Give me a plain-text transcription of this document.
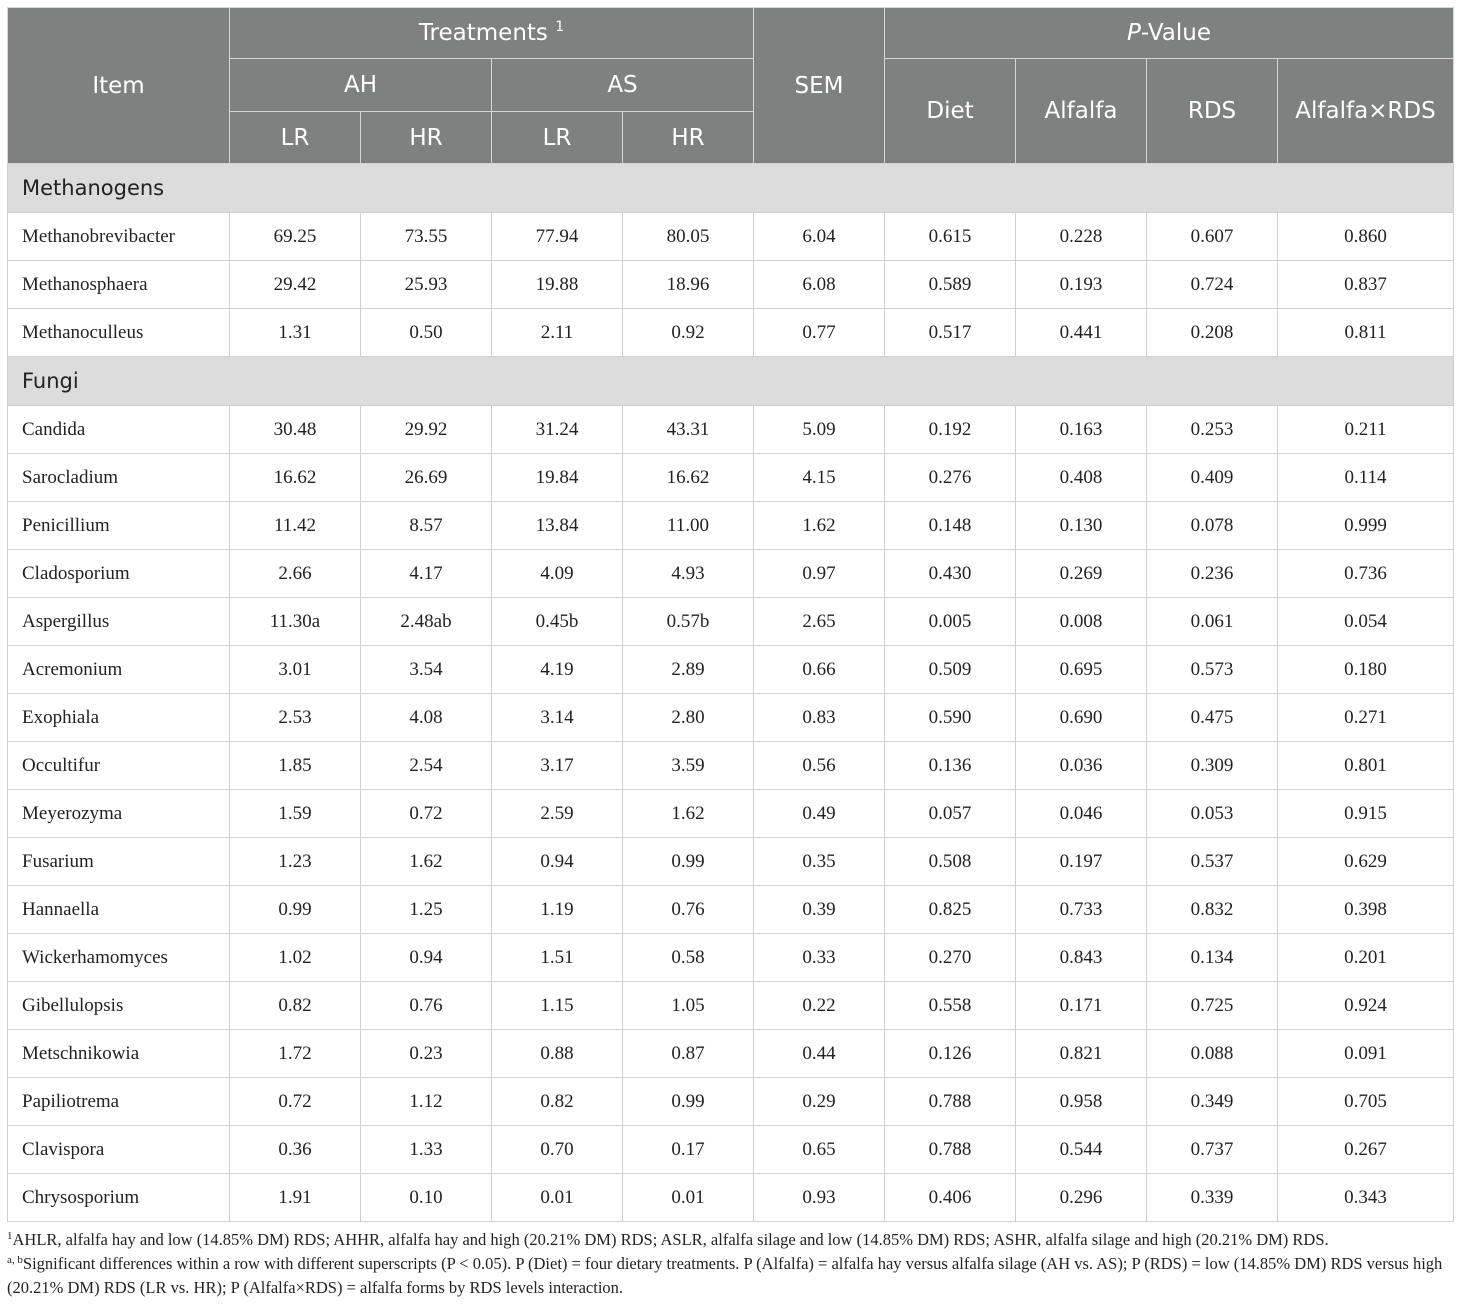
Item	Treatments $^1$				SEM	P-Value			
	AH		AS			Diet	Alfalfa	RDS	Alfalfa×RDS
	LR	HR	LR	HR					
Methanogens									
Methanobrevibacter	69.25	73.55	77.94	80.05	6.04	0.615	0.228	0.607	0.860
Methanosphaera	29.42	25.93	19.88	18.96	6.08	0.589	0.193	0.724	0.837
Methanoculleus	1.31	0.50	2.11	0.92	0.77	0.517	0.441	0.208	0.811
Fungi									
Candida	30.48	29.92	31.24	43.31	5.09	0.192	0.163	0.253	0.211
Sarocladium	16.62	26.69	19.84	16.62	4.15	0.276	0.408	0.409	0.114
Penicillium	11.42	8.57	13.84	11.00	1.62	0.148	0.130	0.078	0.999
Cladosporium	2.66	4.17	4.09	4.93	0.97	0.430	0.269	0.236	0.736
Aspergillus	11.30a	2.48ab	0.45b	0.57b	2.65	0.005	0.008	0.061	0.054
Acremonium	3.01	3.54	4.19	2.89	0.66	0.509	0.695	0.573	0.180
Exophiala	2.53	4.08	3.14	2.80	0.83	0.590	0.690	0.475	0.271
Occultifur	1.85	2.54	3.17	3.59	0.56	0.136	0.036	0.309	0.801
Meyerozyma	1.59	0.72	2.59	1.62	0.49	0.057	0.046	0.053	0.915
Fusarium	1.23	1.62	0.94	0.99	0.35	0.508	0.197	0.537	0.629
Hannaella	0.99	1.25	1.19	0.76	0.39	0.825	0.733	0.832	0.398
Wickerhamomyces	1.02	0.94	1.51	0.58	0.33	0.270	0.843	0.134	0.201
Gibellulopsis	0.82	0.76	1.15	1.05	0.22	0.558	0.171	0.725	0.924
Metschnikowia	1.72	0.23	0.88	0.87	0.44	0.126	0.821	0.088	0.091
Papiliotrema	0.72	1.12	0.82	0.99	0.29	0.788	0.958	0.349	0.705
Clavispora	0.36	1.33	0.70	0.17	0.65	0.788	0.544	0.737	0.267
Chrysosporium	1.91	0.10	0.01	0.01	0.93	0.406	0.296	0.339	0.343

$^1$AHLR, alfalfa hay and low (14.85% DM) RDS; AHHR, alfalfa hay and high (20.21% DM) RDS; ASLR, alfalfa silage and low (14.85% DM) RDS; ASHR, alfalfa silage and high (20.21% DM) RDS.

$^{a, b}$Significant differences within a row with different superscripts (P < 0.05). P (Diet) = four dietary treatments. P (Alfalfa) = alfalfa hay versus alfalfa silage (AH vs. AS); P (RDS) = low (14.85% DM) RDS versus high (20.21% DM) RDS (LR vs. HR); P (Alfalfa×RDS) = alfalfa forms by RDS levels interaction.
